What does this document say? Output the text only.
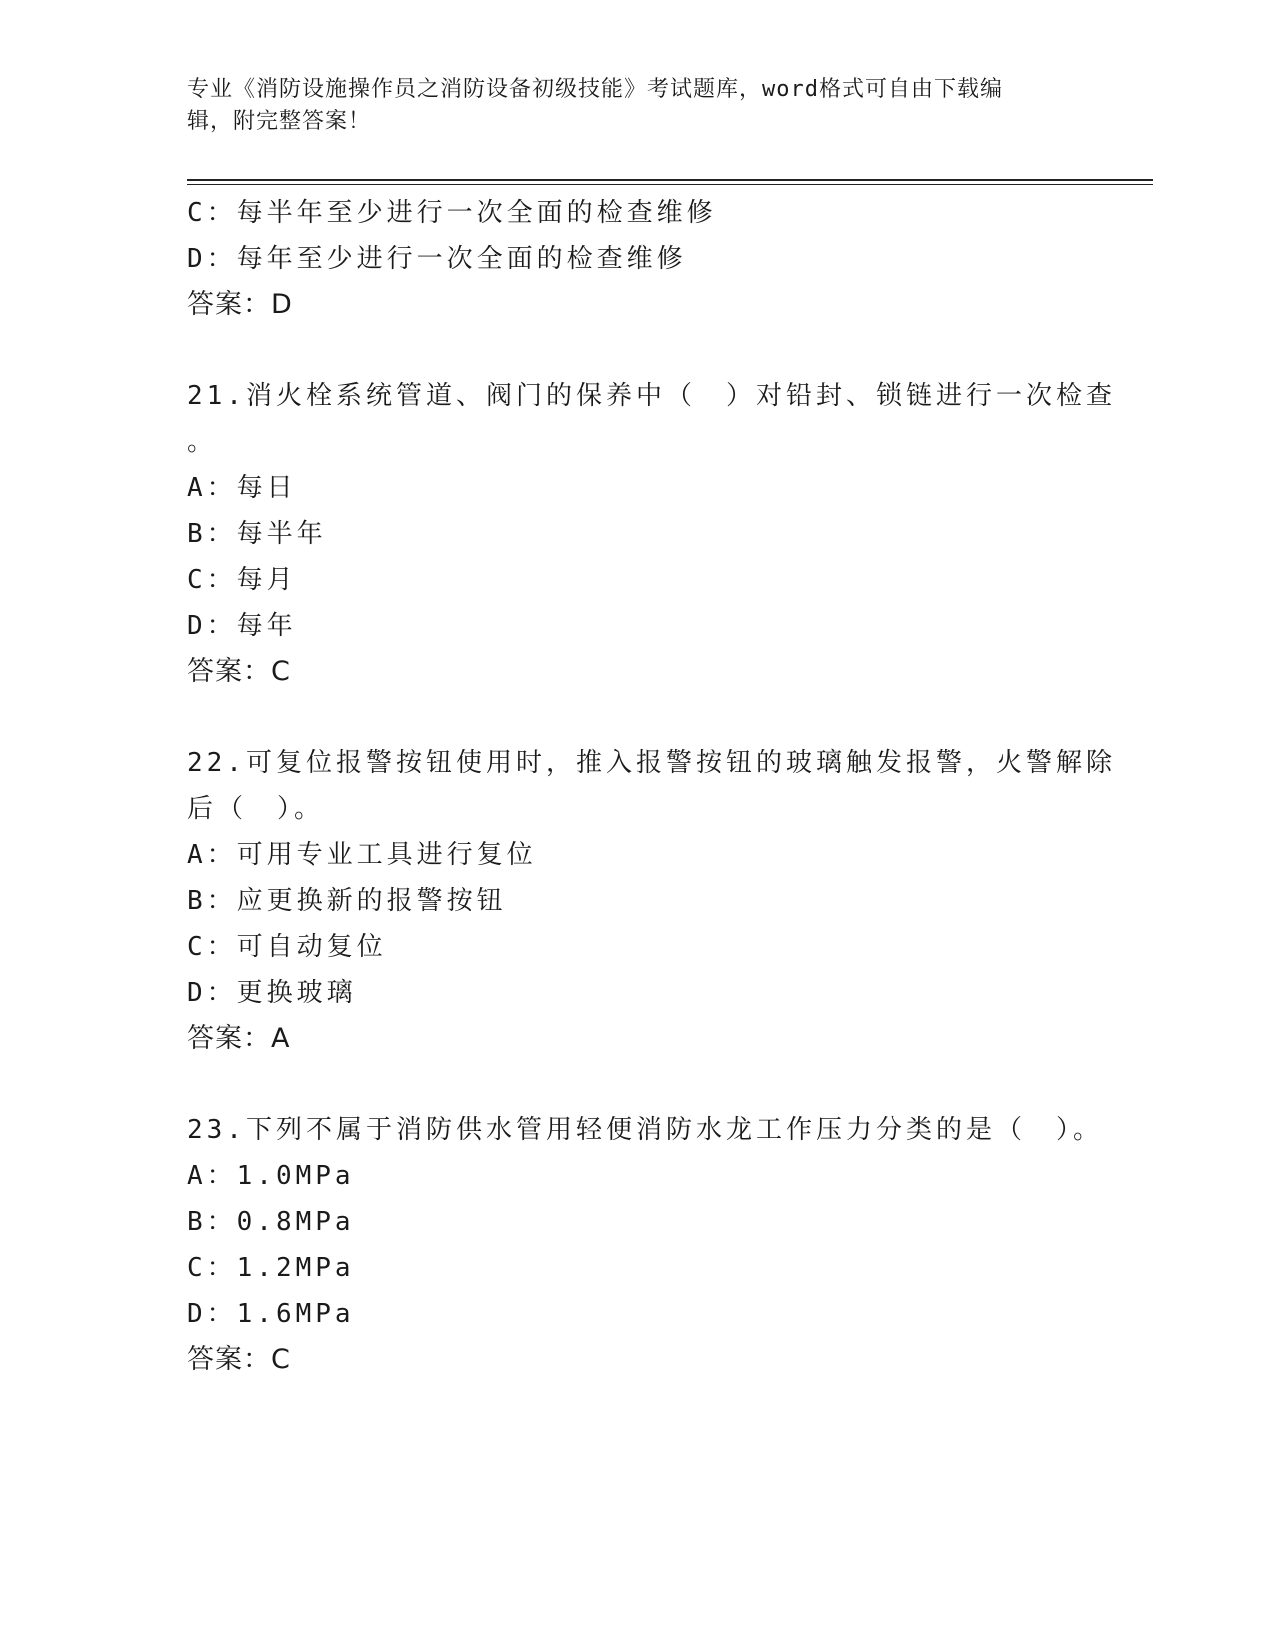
专业《消防设施操作员之消防设备初级技能》考试题库，word格式可自由下载编
辑，附完整答案！
C：每半年至少进行一次全面的检查维修
D：每年至少进行一次全面的检查维修
答案：D
21.消火栓系统管道、阀门的保养中（　）对铅封、锁链进行一次检查
。
A：每日
B：每半年
C：每月
D：每年
答案：C
22.可复位报警按钮使用时，推入报警按钮的玻璃触发报警，火警解除
后（　）。
A：可用专业工具进行复位
B：应更换新的报警按钮
C：可自动复位
D：更换玻璃
答案：A
23.下列不属于消防供水管用轻便消防水龙工作压力分类的是（　）。
A：1.0MPa
B：0.8MPa
C：1.2MPa
D：1.6MPa
答案：C
